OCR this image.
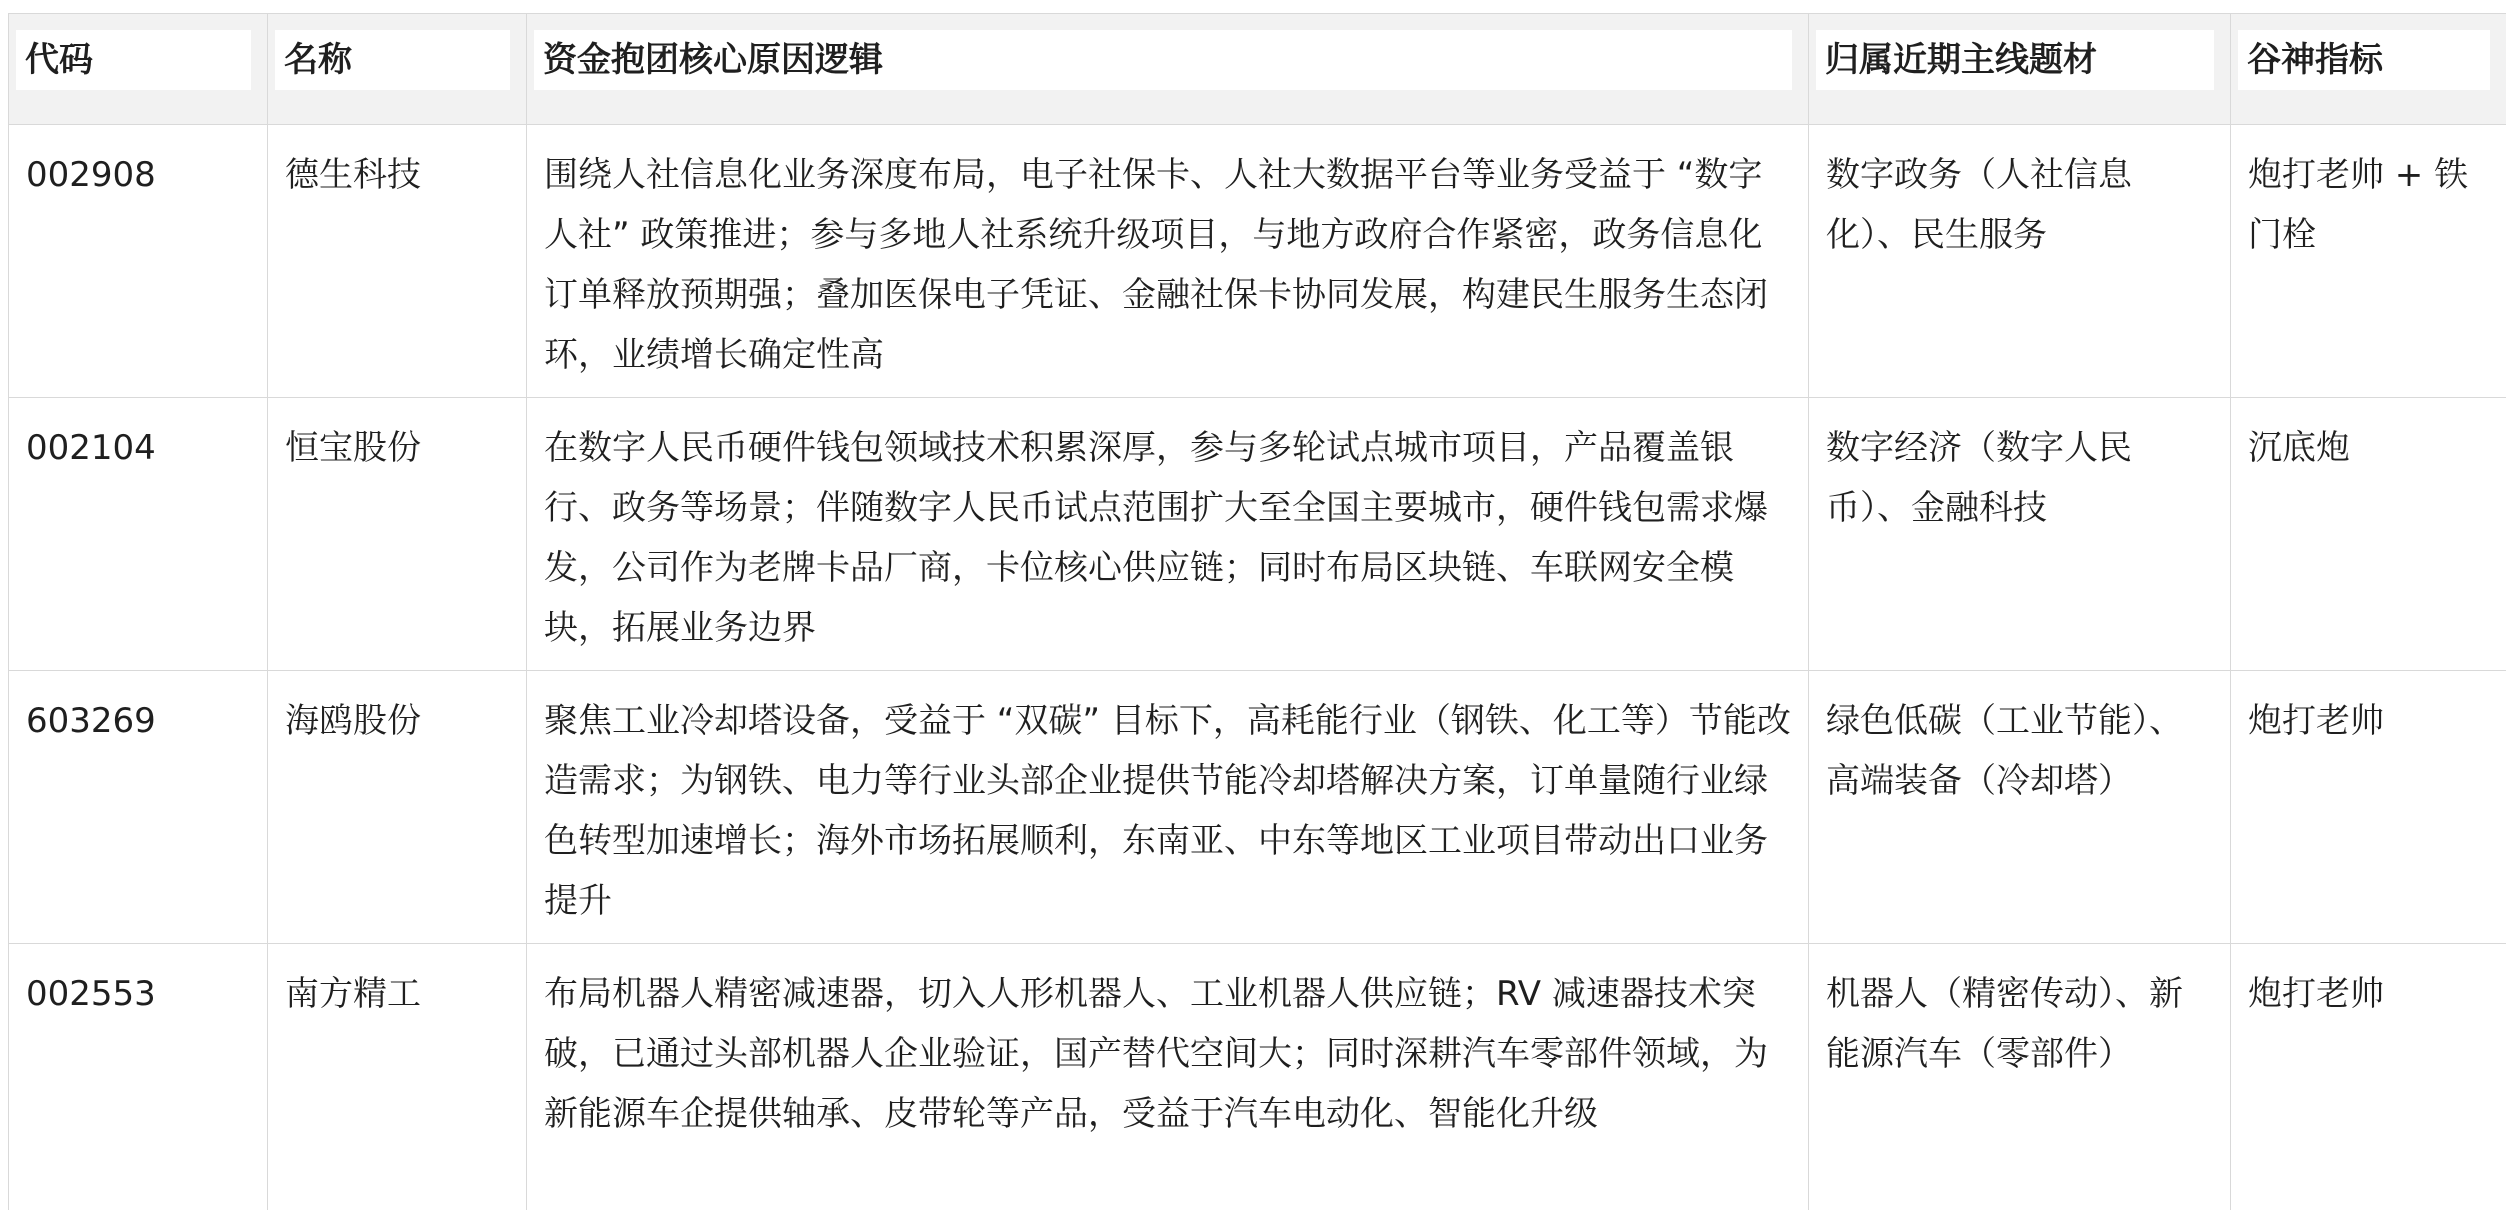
代码	名称	资金抱团核心原因逻辑	归属近期主线题材	谷神指标

002908	德生科技	围绕人社信息化业务深度布局，电子社保卡、人社大数据平台等业务受益于 “数字人社” 政策推进；参与多地人社系统升级项目，与地方政府合作紧密，政务信息化订单释放预期强；叠加医保电子凭证、金融社保卡协同发展，构建民生服务生态闭环，业绩增长确定性高	数字政务（人社信息化）、民生服务	炮打老帅 + 铁门栓
002104	恒宝股份	在数字人民币硬件钱包领域技术积累深厚，参与多轮试点城市项目，产品覆盖银行、政务等场景；伴随数字人民币试点范围扩大至全国主要城市，硬件钱包需求爆发，公司作为老牌卡品厂商，卡位核心供应链；同时布局区块链、车联网安全模块，拓展业务边界	数字经济（数字人民币）、金融科技	沉底炮
603269	海鸥股份	聚焦工业冷却塔设备，受益于 “双碳” 目标下，高耗能行业（钢铁、化工等）节能改造需求；为钢铁、电力等行业头部企业提供节能冷却塔解决方案，订单量随行业绿色转型加速增长；海外市场拓展顺利，东南亚、中东等地区工业项目带动出口业务提升	绿色低碳（工业节能）、高端装备（冷却塔）	炮打老帅
002553	南方精工	布局机器人精密减速器，切入人形机器人、工业机器人供应链；RV 减速器技术突破，已通过头部机器人企业验证，国产替代空间大；同时深耕汽车零部件领域，为新能源车企提供轴承、皮带轮等产品，受益于汽车电动化、智能化升级	机器人（精密传动）、新能源汽车（零部件）	炮打老帅
